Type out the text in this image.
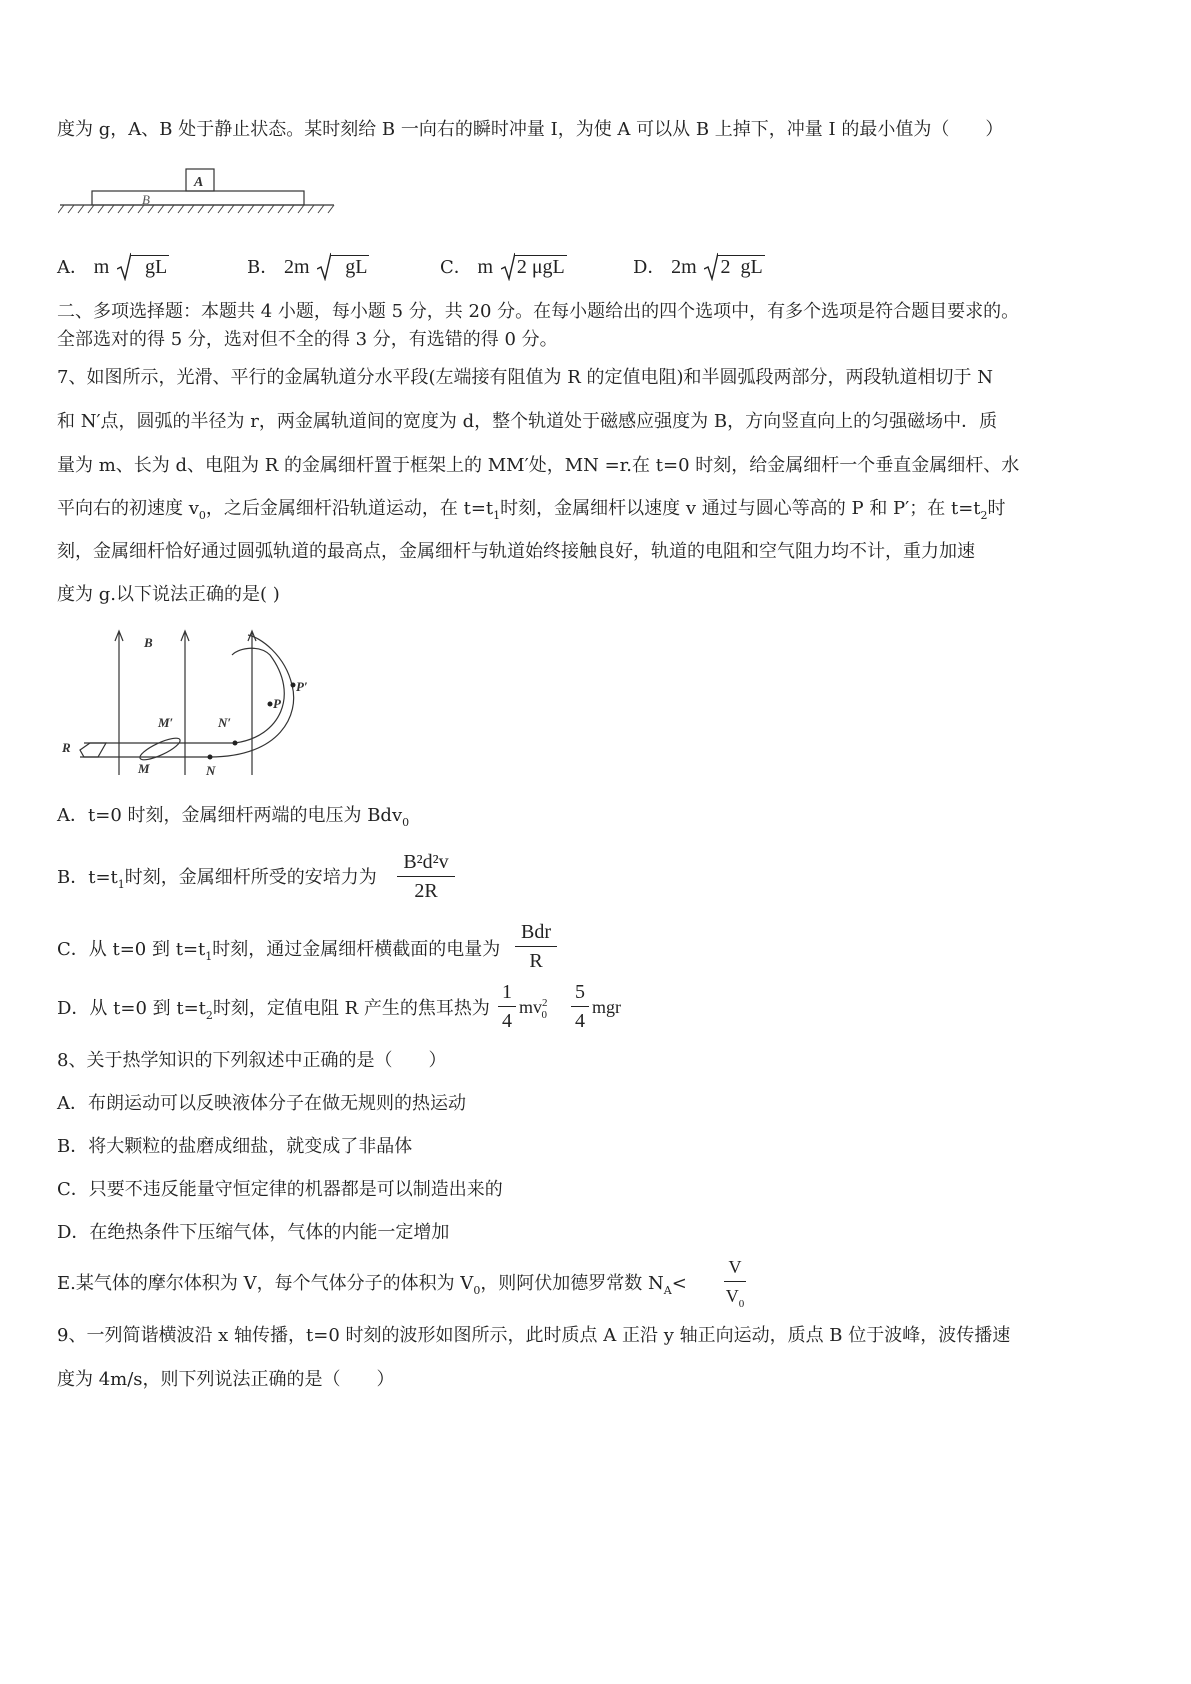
度为 g，A、B 处于静止状态。某时刻给 B 一向右的瞬时冲量 I，为使 A 可以从 B 上掉下，冲量 I 的最小值为（　　）
A
B
A． m gL	B． 2m gL	C． m 2 μgL	D． 2m 2  gL
二、多项选择题：本题共 4 小题，每小题 5 分，共 20 分。在每小题给出的四个选项中，有多个选项是符合题目要求的。
全部选对的得 5 分，选对但不全的得 3 分，有选错的得 0 分。
7、如图所示，光滑、平行的金属轨道分水平段(左端接有阻值为 R 的定值电阻)和半圆弧段两部分，两段轨道相切于 N
和 N′点，圆弧的半径为 r，两金属轨道间的宽度为 d，整个轨道处于磁感应强度为 B，方向竖直向上的匀强磁场中．质
量为 m、长为 d、电阻为 R 的金属细杆置于框架上的 MM′处，MN =r.在 t=0 时刻，给金属细杆一个垂直金属细杆、水
平向右的初速度 $v_0$，之后金属细杆沿轨道运动，在 $t=t_1$时刻，金属细杆以速度 v 通过与圆心等高的 P 和 P′；在 $t=t_2$时
刻，金属细杆恰好通过圆弧轨道的最高点，金属细杆与轨道始终接触良好，轨道的电阻和空气阻力均不计，重力加速
度为 g.以下说法正确的是( )
B
R
M′
M
N′
N
P
P′
A．t=0 时刻，金属细杆两端的电压为 Bdv$_0$
B．$t=t_1$时刻，金属细杆所受的安培力为
B²d²v
2R
C．从 t=0 到 $t=t_1$时刻，通过金属细杆横截面的电量为
Bdr
R
D．从 t=0 到 $t=t_2$时刻，定值电阻 R 产生的焦耳热为
1
4
$mv^2_0$
5
4
mgr
8、关于热学知识的下列叙述中正确的是（　　）
A．布朗运动可以反映液体分子在做无规则的热运动
B．将大颗粒的盐磨成细盐，就变成了非晶体
C．只要不违反能量守恒定律的机器都是可以制造出来的
D．在绝热条件下压缩气体，气体的内能一定增加
E.某气体的摩尔体积为 V，每个气体分子的体积为 $V_0$，则阿伏加德罗常数 $N_A<$
V
$V_0$
9、一列简谐横波沿 x 轴传播，t=0 时刻的波形如图所示，此时质点 A 正沿 y 轴正向运动，质点 B 位于波峰，波传播速
度为 4m/s，则下列说法正确的是（　　）
